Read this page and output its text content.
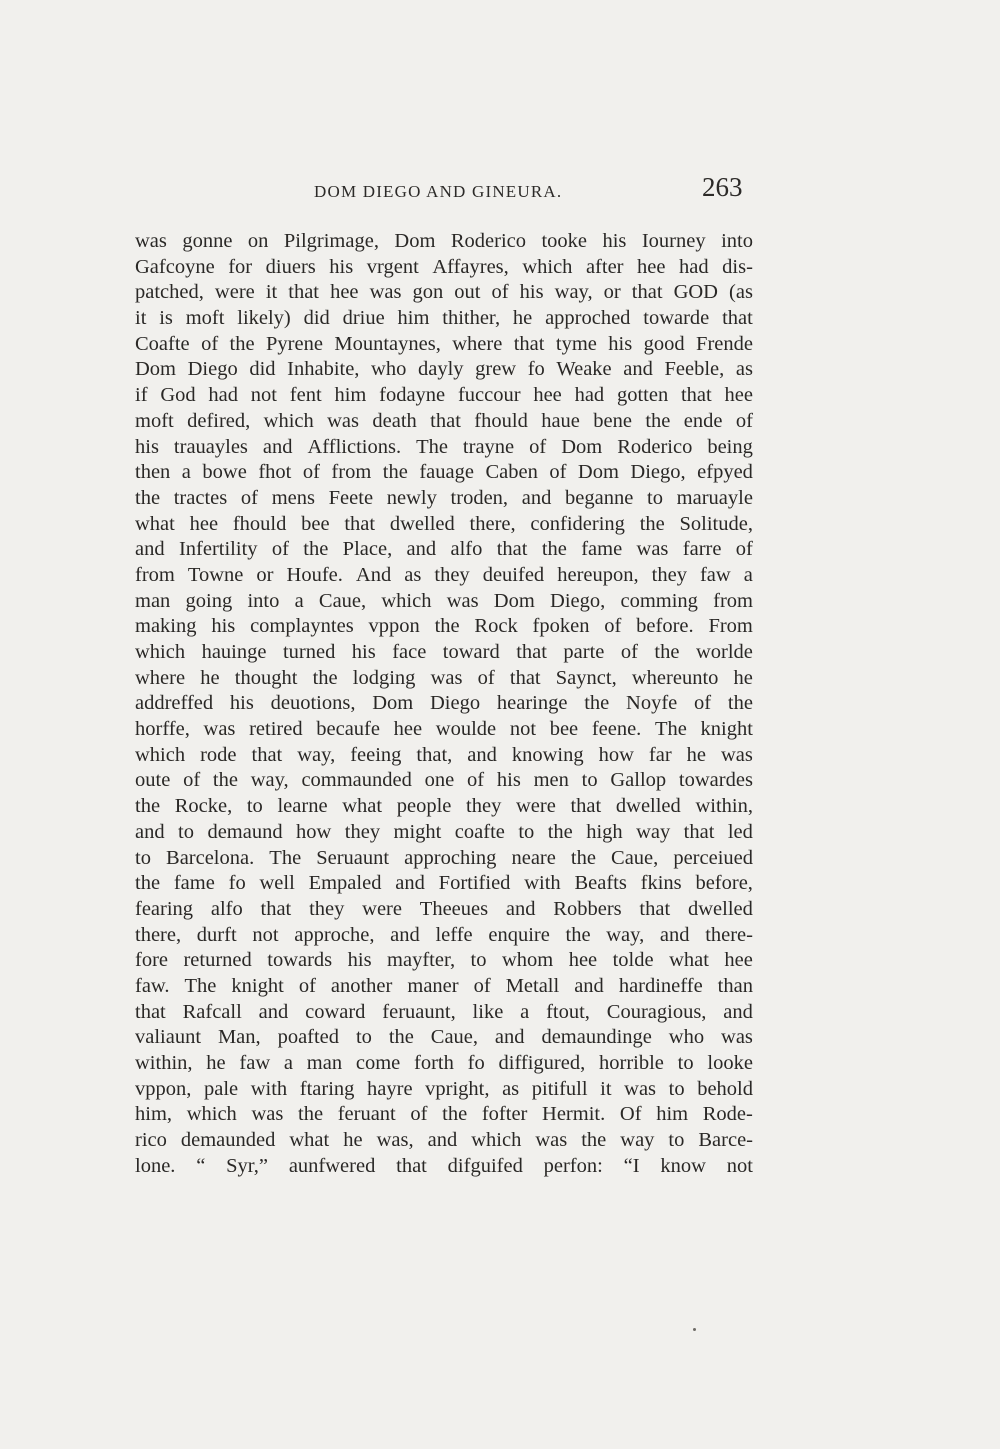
DOM DIEGO AND GINEURA.	263
was gonne on Pilgrimage, Dom Roderico tooke his Iourney into
Gafcoyne for diuers his vrgent Affayres, which after hee had dis-
patched, were it that hee was gon out of his way, or that GOD (as
it is moft likely) did driue him thither, he approched towarde that
Coafte of the Pyrene Mountaynes, where that tyme his good Frende
Dom Diego did Inhabite, who dayly grew fo Weake and Feeble, as
if God had not fent him fodayne fuccour hee had gotten that hee
moft defired, which was death that fhould haue bene the ende of
his trauayles and Afflictions. The trayne of Dom Roderico being
then a bowe fhot of from the fauage Caben of Dom Diego, efpyed
the tractes of mens Feete newly troden, and beganne to maruayle
what hee fhould bee that dwelled there, confidering the Solitude,
and Infertility of the Place, and alfo that the fame was farre of
from Towne or Houfe. And as they deuifed hereupon, they faw a
man going into a Caue, which was Dom Diego, comming from
making his complayntes vppon the Rock fpoken of before. From
which hauinge turned his face toward that parte of the worlde
where he thought the lodging was of that Saynct, whereunto he
addreffed his deuotions, Dom Diego hearinge the Noyfe of the
horffe, was retired becaufe hee woulde not bee feene. The knight
which rode that way, feeing that, and knowing how far he was
oute of the way, commaunded one of his men to Gallop towardes
the Rocke, to learne what people they were that dwelled within,
and to demaund how they might coafte to the high way that led
to Barcelona. The Seruaunt approching neare the Caue, perceiued
the fame fo well Empaled and Fortified with Beafts fkins before,
fearing alfo that they were Theeues and Robbers that dwelled
there, durft not approche, and leffe enquire the way, and there-
fore returned towards his mayfter, to whom hee tolde what hee
faw. The knight of another maner of Metall and hardineffe than
that Rafcall and coward feruaunt, like a ftout, Couragious, and
valiaunt Man, poafted to the Caue, and demaundinge who was
within, he faw a man come forth fo diffigured, horrible to looke
vppon, pale with ftaring hayre vpright, as pitifull it was to behold
him, which was the feruant of the fofter Hermit. Of him Rode-
rico demaunded what he was, and which was the way to Barce-
lone. “ Syr,” aunfwered that difguifed perfon: “I know not
